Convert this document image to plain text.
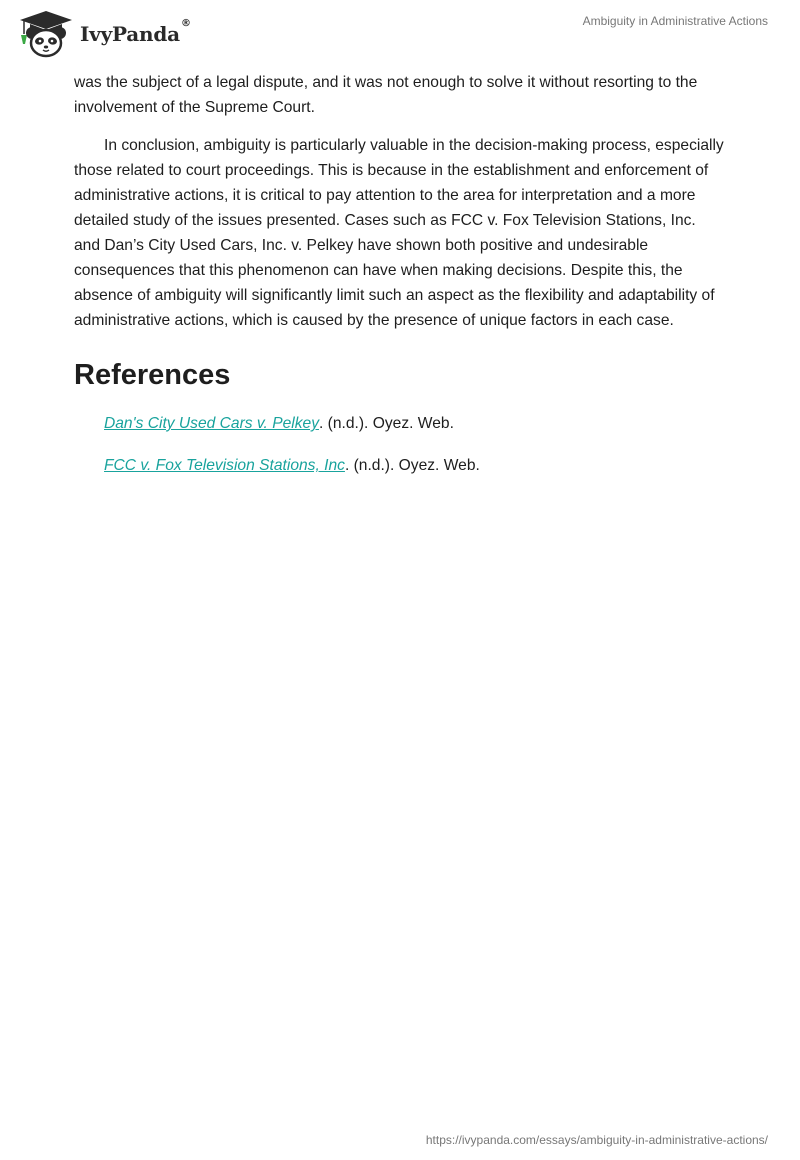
IvyPanda®	Ambiguity in Administrative Actions

was the subject of a legal dispute, and it was not enough to solve it without resorting to the involvement of the Supreme Court.

In conclusion, ambiguity is particularly valuable in the decision-making process, especially those related to court proceedings. This is because in the establishment and enforcement of administrative actions, it is critical to pay attention to the area for interpretation and a more detailed study of the issues presented. Cases such as FCC v. Fox Television Stations, Inc. and Dan’s City Used Cars, Inc. v. Pelkey have shown both positive and undesirable consequences that this phenomenon can have when making decisions. Despite this, the absence of ambiguity will significantly limit such an aspect as the flexibility and adaptability of administrative actions, which is caused by the presence of unique factors in each case.

References
Dan's City Used Cars v. Pelkey. (n.d.). Oyez. Web.
FCC v. Fox Television Stations, Inc. (n.d.). Oyez. Web.
https://ivypanda.com/essays/ambiguity-in-administrative-actions/
